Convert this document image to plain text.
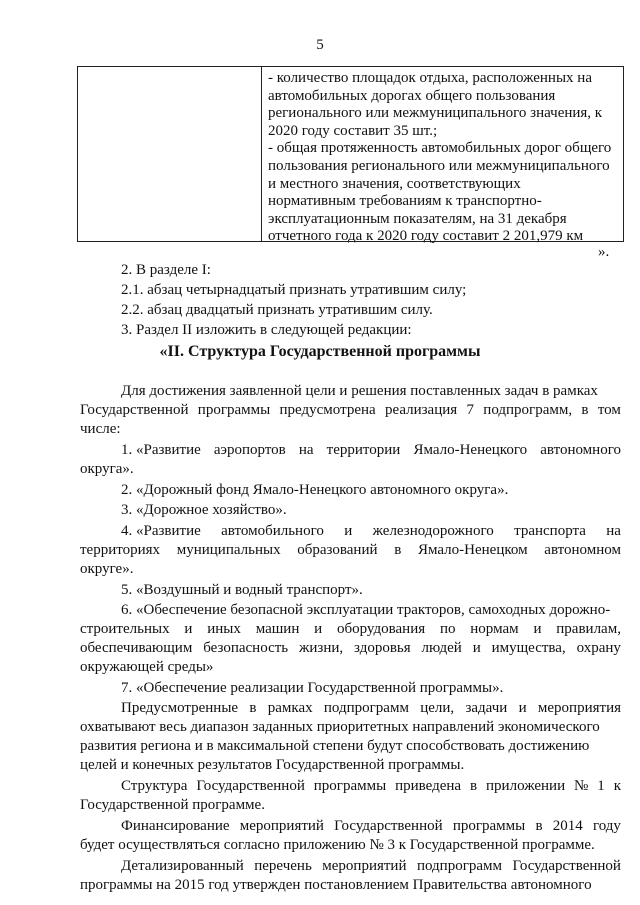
5
- количество площадок отдыха, расположенных на
автомобильных дорогах общего пользования
регионального или межмуниципального значения, к
2020 году составит 35 шт.;
- общая протяженность автомобильных дорог общего
пользования регионального или межмуниципального
и местного значения, соответствующих
нормативным требованиям к транспортно-
эксплуатационным показателям, на 31 декабря
отчетного года к 2020 году составит 2 201,979 км
».
2. В разделе I:
2.1. абзац четырнадцатый признать утратившим силу;
2.2. абзац двадцатый признать утратившим силу.
3. Раздел II изложить в следующей редакции:
«II. Структура Государственной программы
Для достижения заявленной цели и решения поставленных задач в рамках
Государственной программы предусмотрена реализация 7 подпрограмм, в том
числе:
1. «Развитие аэропортов на территории Ямало-Ненецкого автономного
округа».
2. «Дорожный фонд Ямало-Ненецкого автономного округа».
3. «Дорожное хозяйство».
4. «Развитие автомобильного и железнодорожного транспорта на
территориях муниципальных образований в Ямало-Ненецком автономном
округе».
5. «Воздушный и водный транспорт».
6. «Обеспечение безопасной эксплуатации тракторов, самоходных дорожно-
строительных и иных машин и оборудования по нормам и правилам,
обеспечивающим безопасность жизни, здоровья людей и имущества, охрану
окружающей среды»
7. «Обеспечение реализации Государственной программы».
Предусмотренные в рамках подпрограмм цели, задачи и мероприятия
охватывают весь диапазон заданных приоритетных направлений экономического
развития региона и в максимальной степени будут способствовать достижению
целей и конечных результатов Государственной программы.
Структура Государственной программы приведена в приложении № 1 к
Государственной программе.
Финансирование мероприятий Государственной программы в 2014 году
будет осуществляться согласно приложению № 3 к Государственной программе.
Детализированный перечень мероприятий подпрограмм Государственной
программы на 2015 год утвержден постановлением Правительства автономного
